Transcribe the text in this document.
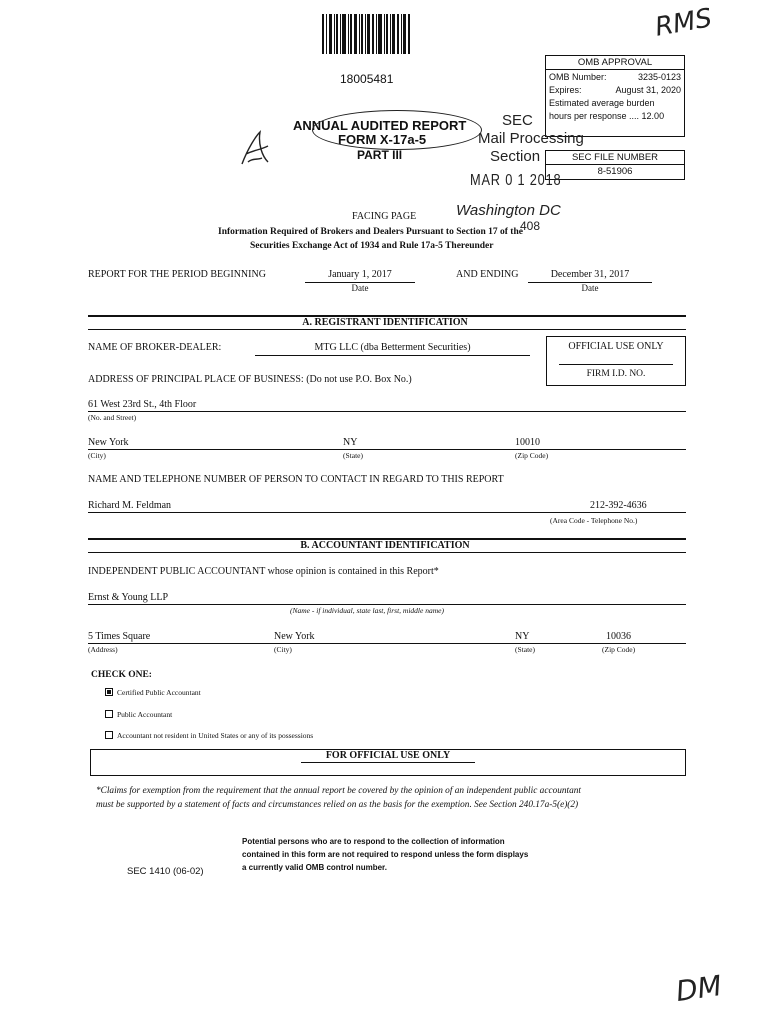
18005481
RMS
OMB APPROVAL
OMB Number:	3235-0123
Expires:	August 31, 2020
Estimated average burden
hours per response .... 12.00
SEC FILE NUMBER
8-51906
ANNUAL AUDITED REPORT
FORM X-17a-5
PART III
SEC
Mail Processing
Section
MAR 0 1 2018
Washington DC
408
FACING PAGE
Information Required of Brokers and Dealers Pursuant to Section 17 of the
Securities Exchange Act of 1934 and Rule 17a-5 Thereunder
REPORT FOR THE PERIOD BEGINNING	January 1, 2017
Date
AND ENDING	December 31, 2017
Date
A. REGISTRANT IDENTIFICATION
NAME OF BROKER-DEALER:	MTG LLC (dba Betterment Securities)	OFFICIAL USE ONLY
FIRM I.D. NO.
ADDRESS OF PRINCIPAL PLACE OF BUSINESS: (Do not use P.O. Box No.)
61 West 23rd St., 4th Floor
(No. and Street)
New York	NY	10010
(City)	(State)	(Zip Code)
NAME AND TELEPHONE NUMBER OF PERSON TO CONTACT IN REGARD TO THIS REPORT
Richard M. Feldman	212-392-4636
(Area Code - Telephone No.)
B. ACCOUNTANT IDENTIFICATION
INDEPENDENT PUBLIC ACCOUNTANT whose opinion is contained in this Report*
Ernst & Young LLP
(Name - if individual, state last, first, middle name)
5 Times Square	New York	NY	10036
(Address)	(City)	(State)	(Zip Code)
CHECK ONE:
Certified Public Accountant
Public Accountant
Accountant not resident in United States or any of its possessions
FOR OFFICIAL USE ONLY
*Claims for exemption from the requirement that the annual report be covered by the opinion of an independent public accountant
must be supported by a statement of facts and circumstances relied on as the basis for the exemption. See Section 240.17a-5(e)(2)
Potential persons who are to respond to the collection of information
contained in this form are not required to respond unless the form displays
a currently valid OMB control number.
SEC 1410 (06-02)
DM
